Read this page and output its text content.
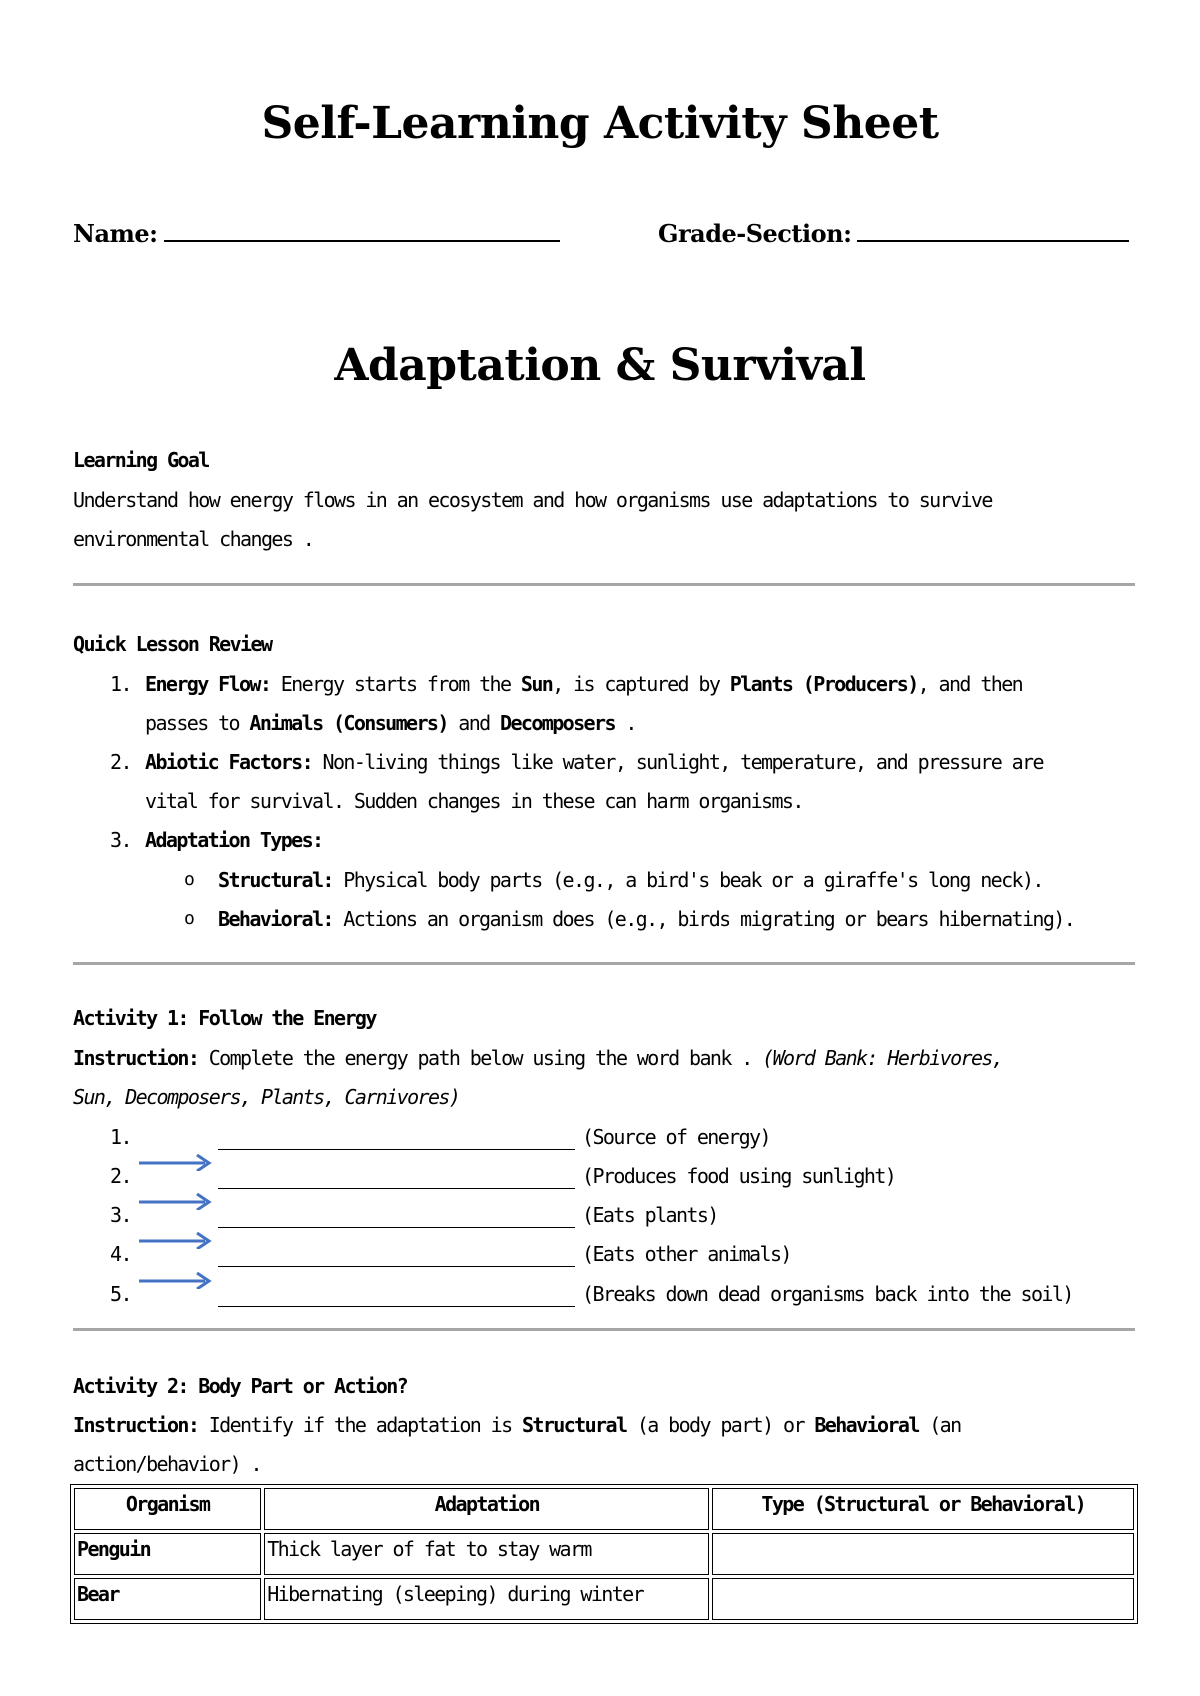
Self-Learning Activity Sheet
Name:	Grade-Section:
Adaptation & Survival
Learning Goal
Understand how energy flows in an ecosystem and how organisms use adaptations to survive
environmental changes .
Quick Lesson Review
1. Energy Flow: Energy starts from the Sun, is captured by Plants (Producers), and then
passes to Animals (Consumers) and Decomposers .
2. Abiotic Factors: Non-living things like water, sunlight, temperature, and pressure are
vital for survival. Sudden changes in these can harm organisms.
3. Adaptation Types:
o Structural: Physical body parts (e.g., a bird's beak or a giraffe's long neck).
o Behavioral: Actions an organism does (e.g., birds migrating or bears hibernating).
Activity 1: Follow the Energy
Instruction: Complete the energy path below using the word bank . (Word Bank: Herbivores,
Sun, Decomposers, Plants, Carnivores)
1.	(Source of energy)
2.	(Produces food using sunlight)
3.	(Eats plants)
4.	(Eats other animals)
5.	(Breaks down dead organisms back into the soil)
Activity 2: Body Part or Action?
Instruction: Identify if the adaptation is Structural (a body part) or Behavioral (an
action/behavior) .
Organism	Adaptation	Type (Structural or Behavioral)
Penguin	Thick layer of fat to stay warm	
Bear	Hibernating (sleeping) during winter	
